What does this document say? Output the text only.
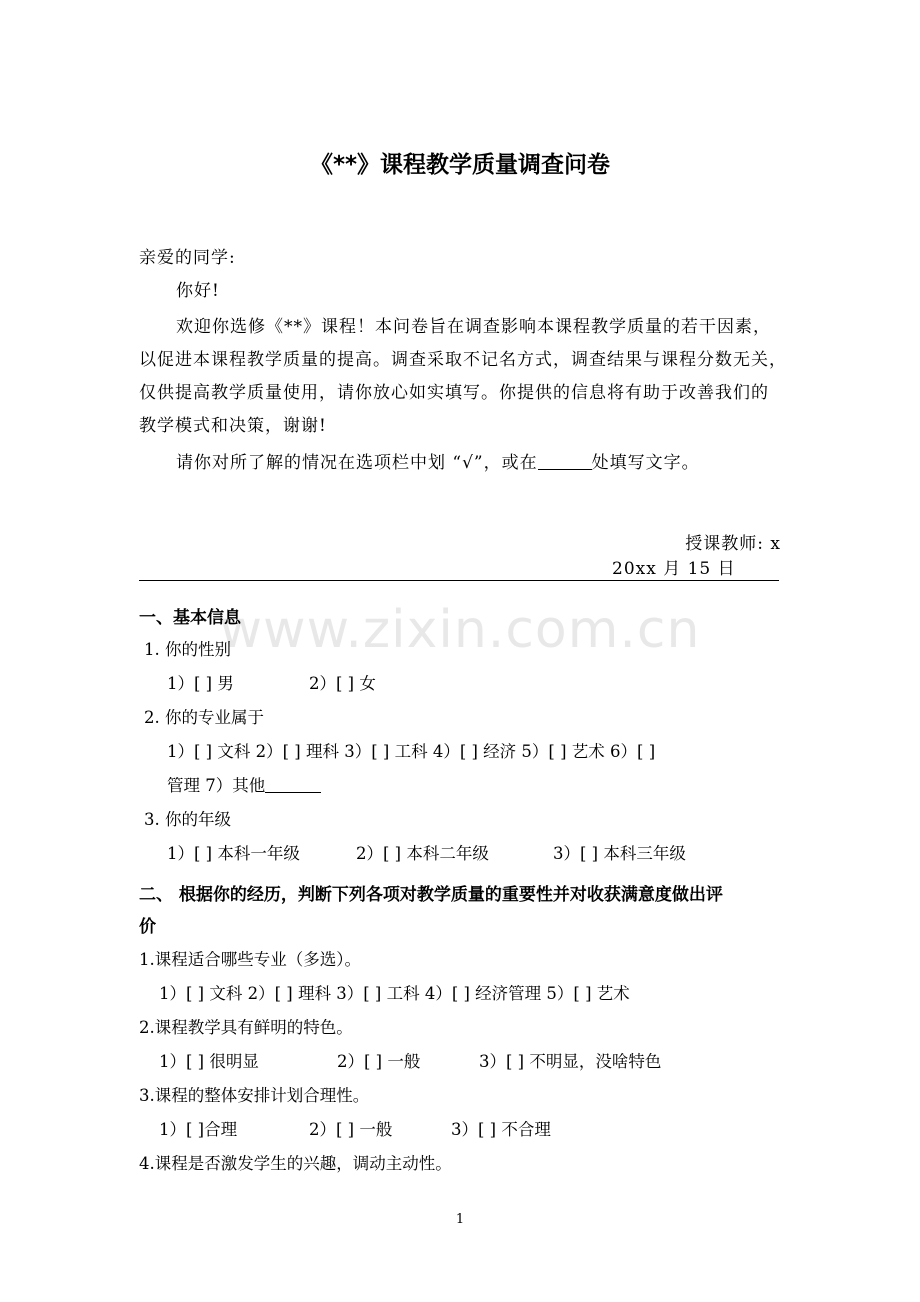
《**》课程教学质量调查问卷
亲爱的同学:
你好!
欢迎你选修《**》课程！本问卷旨在调查影响本课程教学质量的若干因素，
以促进本课程教学质量的提高。调查采取不记名方式，调查结果与课程分数无关，
仅供提高教学质量使用，请你放心如实填写。你提供的信息将有助于改善我们的
教学模式和决策，谢谢!
请你对所了解的情况在选项栏中划 “√”，或在	处填写文字。
授课教师: x
20xx 月 15 日
www.zixin.com.cn
一、基本信息
1. 你的性别
1）[ ] 男	2）[ ] 女
2. 你的专业属于
1）[ ] 文科 2）[ ] 理科 3）[ ] 工科 4）[ ] 经济 5）[ ] 艺术 6）[ ]
管理 7）其他
3. 你的年级
1）[ ] 本科一年级	2）[ ] 本科二年级	3）[ ] 本科三年级
二、 根据你的经历，判断下列各项对教学质量的重要性并对收获满意度做出评
价
1.课程适合哪些专业（多选）。
1）[ ] 文科 2）[ ] 理科 3）[ ] 工科 4）[ ] 经济管理 5）[ ] 艺术
2.课程教学具有鲜明的特色。
1）[ ] 很明显	2）[ ] 一般	3）[ ] 不明显，没啥特色
3.课程的整体安排计划合理性。
1）[ ]合理	2）[ ] 一般	3）[ ] 不合理
4.课程是否激发学生的兴趣，调动主动性。
1
